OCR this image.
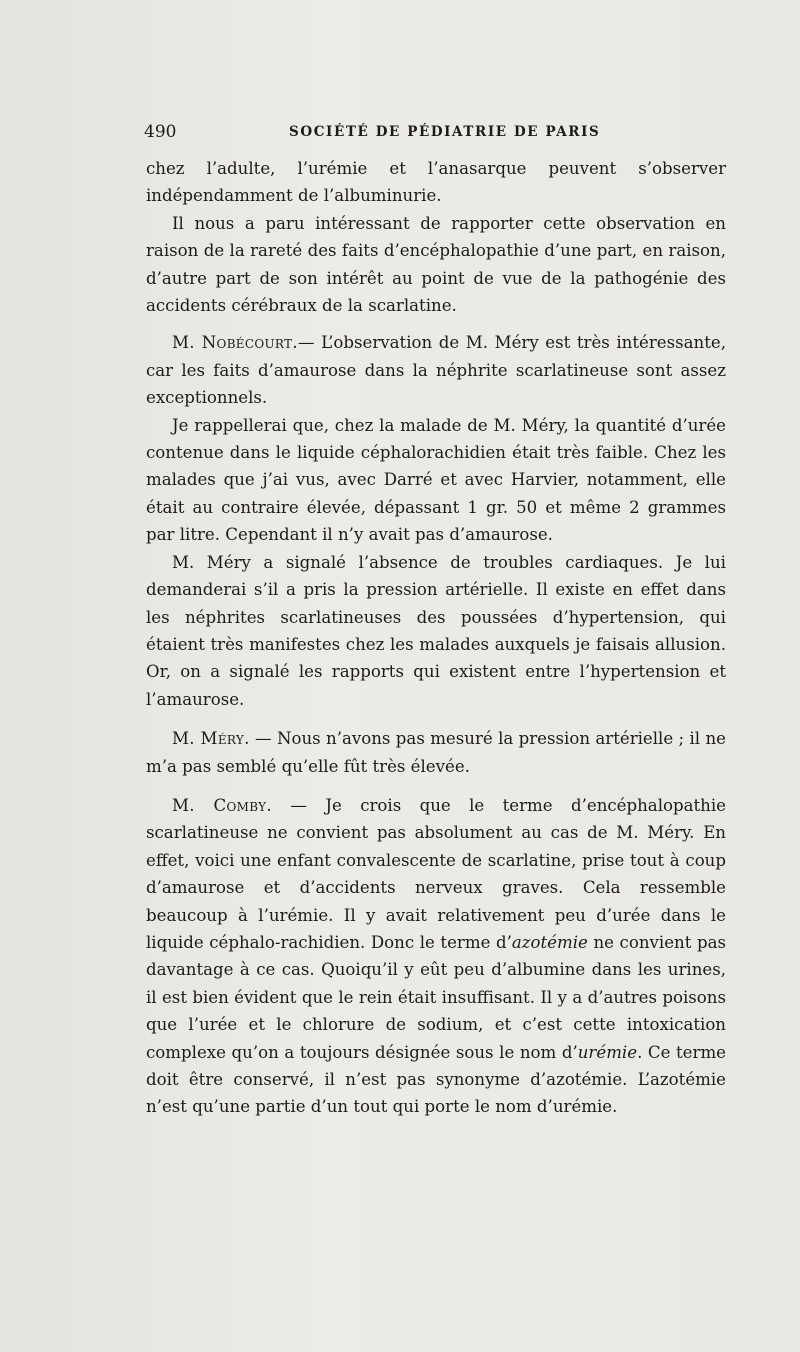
490	SOCIÉTÉ DE PÉDIATRIE DE PARIS

chez l’adulte, l’urémie et l’anasarque peuvent s’observer indépendamment de l’albuminurie.

Il nous a paru intéressant de rapporter cette observation en raison de la rareté des faits d’encéphalopathie d’une part, en raison, d’autre part de son intérêt au point de vue de la pathogénie des accidents cérébraux de la scarlatine.

M. Nobécourt.— L’observation de M. Méry est très intéressante, car les faits d’amaurose dans la néphrite scarlatineuse sont assez exceptionnels.

Je rappellerai que, chez la malade de M. Méry, la quantité d’urée contenue dans le liquide céphalorachidien était très faible. Chez les malades que j’ai vus, avec Darré et avec Harvier, notamment, elle était au contraire élevée, dépassant 1 gr. 50 et même 2 grammes par litre. Cependant il n’y avait pas d’amaurose.

M. Méry a signalé l’absence de troubles cardiaques. Je lui demanderai s’il a pris la pression artérielle. Il existe en effet dans les néphrites scarlatineuses des poussées d’hypertension, qui étaient très manifestes chez les malades auxquels je faisais allusion. Or, on a signalé les rapports qui existent entre l’hypertension et l’amaurose.

M. Méry. — Nous n’avons pas mesuré la pression artérielle ; il ne m’a pas semblé qu’elle fût très élevée.

M. Comby. — Je crois que le terme d’encéphalopathie scarlatineuse ne convient pas absolument au cas de M. Méry. En effet, voici une enfant convalescente de scarlatine, prise tout à coup d’amaurose et d’accidents nerveux graves. Cela ressemble beaucoup à l’urémie. Il y avait relativement peu d’urée dans le liquide céphalo-rachidien. Donc le terme d’azotémie ne convient pas davantage à ce cas. Quoiqu’il y eût peu d’albumine dans les urines, il est bien évident que le rein était insuffisant. Il y a d’autres poisons que l’urée et le chlorure de sodium, et c’est cette intoxication complexe qu’on a toujours désignée sous le nom d’urémie. Ce terme doit être conservé, il n’est pas synonyme d’azotémie. L’azotémie n’est qu’une partie d’un tout qui porte le nom d’urémie.
